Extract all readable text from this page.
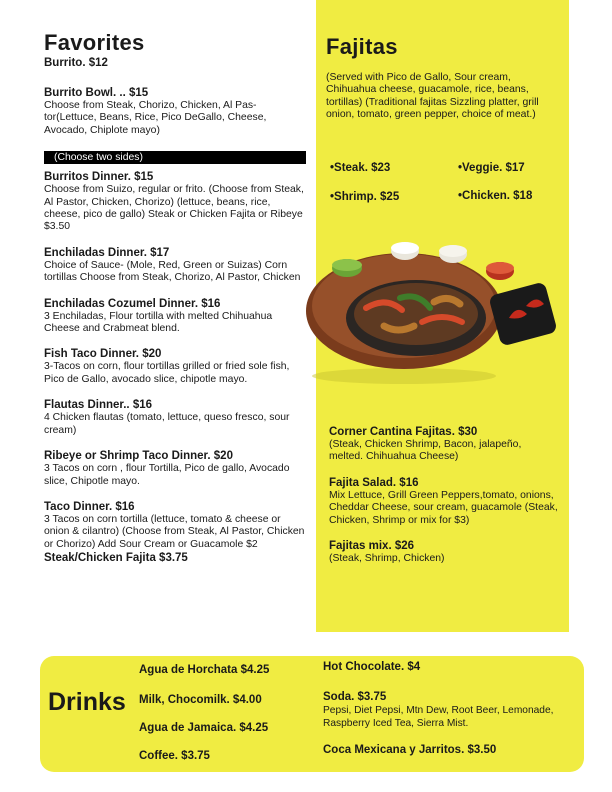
Favorites
Burrito. $12
Burrito Bowl. .. $15
Choose from Steak, Chorizo, Chicken, Al Pas-tor(Lettuce, Beans, Rice, Pico DeGallo, Cheese, Avocado, Chiplote mayo)
(Choose two sides)
Burritos Dinner. $15
Choose from Suizo, regular or frito. (Choose from Steak, Al Pastor, Chicken, Chorizo) (lettuce, beans, rice, cheese, pico de gallo) Steak or Chicken Fajita or Ribeye $3.50
Enchiladas Dinner. $17
Choice of Sauce- (Mole, Red, Green or Suizas) Corn tortillas Choose from Steak, Chorizo, Al Pastor, Chicken
Enchiladas Cozumel Dinner. $16
3 Enchiladas, Flour tortilla with melted Chihuahua Cheese and Crabmeat blend.
Fish Taco Dinner. $20
3-Tacos on corn, flour tortillas grilled or fried sole fish, Pico de Gallo, avocado slice, chipotle mayo.
Flautas Dinner.. $16
4 Chicken flautas (tomato, lettuce, queso fresco, sour cream)
Ribeye or Shrimp Taco Dinner. $20
3 Tacos on corn , flour Tortilla, Pico de gallo, Avocado slice, Chipotle mayo.
Taco Dinner. $16
3 Tacos on corn tortilla (lettuce, tomato & cheese or onion & cilantro) (Choose from Steak, Al Pastor, Chicken or Chorizo) Add Sour Cream or Guacamole $2
Steak/Chicken Fajita $3.75
Fajitas
(Served with Pico de Gallo, Sour cream, Chihuahua cheese, guacamole, rice, beans, tortillas) (Traditional fajitas Sizzling platter, grill onion, tomato, green pepper, choice of meat.)
•Steak. $23	•Veggie. $17
•Shrimp. $25	•Chicken. $18
Corner Cantina Fajitas. $30
(Steak, Chicken Shrimp, Bacon, jalapeño, melted. Chihuahua Cheese)
Fajita Salad. $16
Mix Lettuce, Grill Green Peppers,tomato, onions, Cheddar Cheese, sour cream, guacamole (Steak, Chicken, Shrimp or mix for $3)
Fajitas mix. $26
(Steak, Shrimp, Chicken)
Drinks
Agua de Horchata $4.25
Milk, Chocomilk. $4.00
Agua de Jamaica. $4.25
Coffee. $3.75
Hot Chocolate. $4
Soda. $3.75
Pepsi, Diet Pepsi, Mtn Dew, Root Beer, Lemonade, Raspberry Iced Tea, Sierra Mist.
Coca Mexicana y Jarritos. $3.50
